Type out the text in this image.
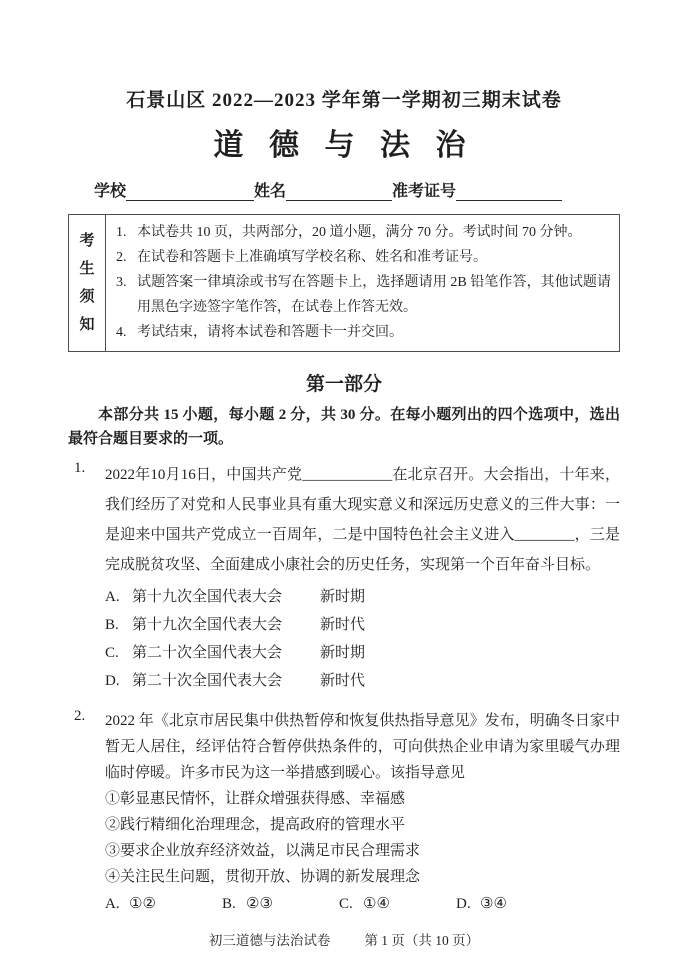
石景山区 2022—2023 学年第一学期初三期末试卷
道 德 与 法 治
学校	姓名	准考证号
考生须知
1. 本试卷共 10 页，共两部分，20 道小题，满分 70 分。考试时间 70 分钟。
2. 在试卷和答题卡上准确填写学校名称、姓名和准考证号。
3. 试题答案一律填涂或书写在答题卡上，选择题请用 2B 铅笔作答，其他试题请用黑色字迹签字笔作答，在试卷上作答无效。
4. 考试结束，请将本试卷和答题卡一并交回。
第一部分
本部分共 15 小题，每小题 2 分，共 30 分。在每小题列出的四个选项中，选出最符合题目要求的一项。
1. 2022年10月16日，中国共产党____________在北京召开。大会指出，十年来，我们经历了对党和人民事业具有重大现实意义和深远历史意义的三件大事：一是迎来中国共产党成立一百周年，二是中国特色社会主义进入________，三是完成脱贫攻坚、全面建成小康社会的历史任务，实现第一个百年奋斗目标。
A. 第十九次全国代表大会	新时期
B. 第十九次全国代表大会	新时代
C. 第二十次全国代表大会	新时期
D. 第二十次全国代表大会	新时代
2. 2022 年《北京市居民集中供热暂停和恢复供热指导意见》发布，明确冬日家中暂无人居住，经评估符合暂停供热条件的，可向供热企业申请为家里暖气办理临时停暖。许多市民为这一举措感到暖心。该指导意见
①彰显惠民情怀，让群众增强获得感、幸福感
②践行精细化治理理念，提高政府的管理水平
③要求企业放弃经济效益，以满足市民合理需求
④关注民生问题，贯彻开放、协调的新发展理念
A. ①②	B. ②③	C. ①④	D. ③④
初三道德与法治试卷	第 1 页（共 10 页）
